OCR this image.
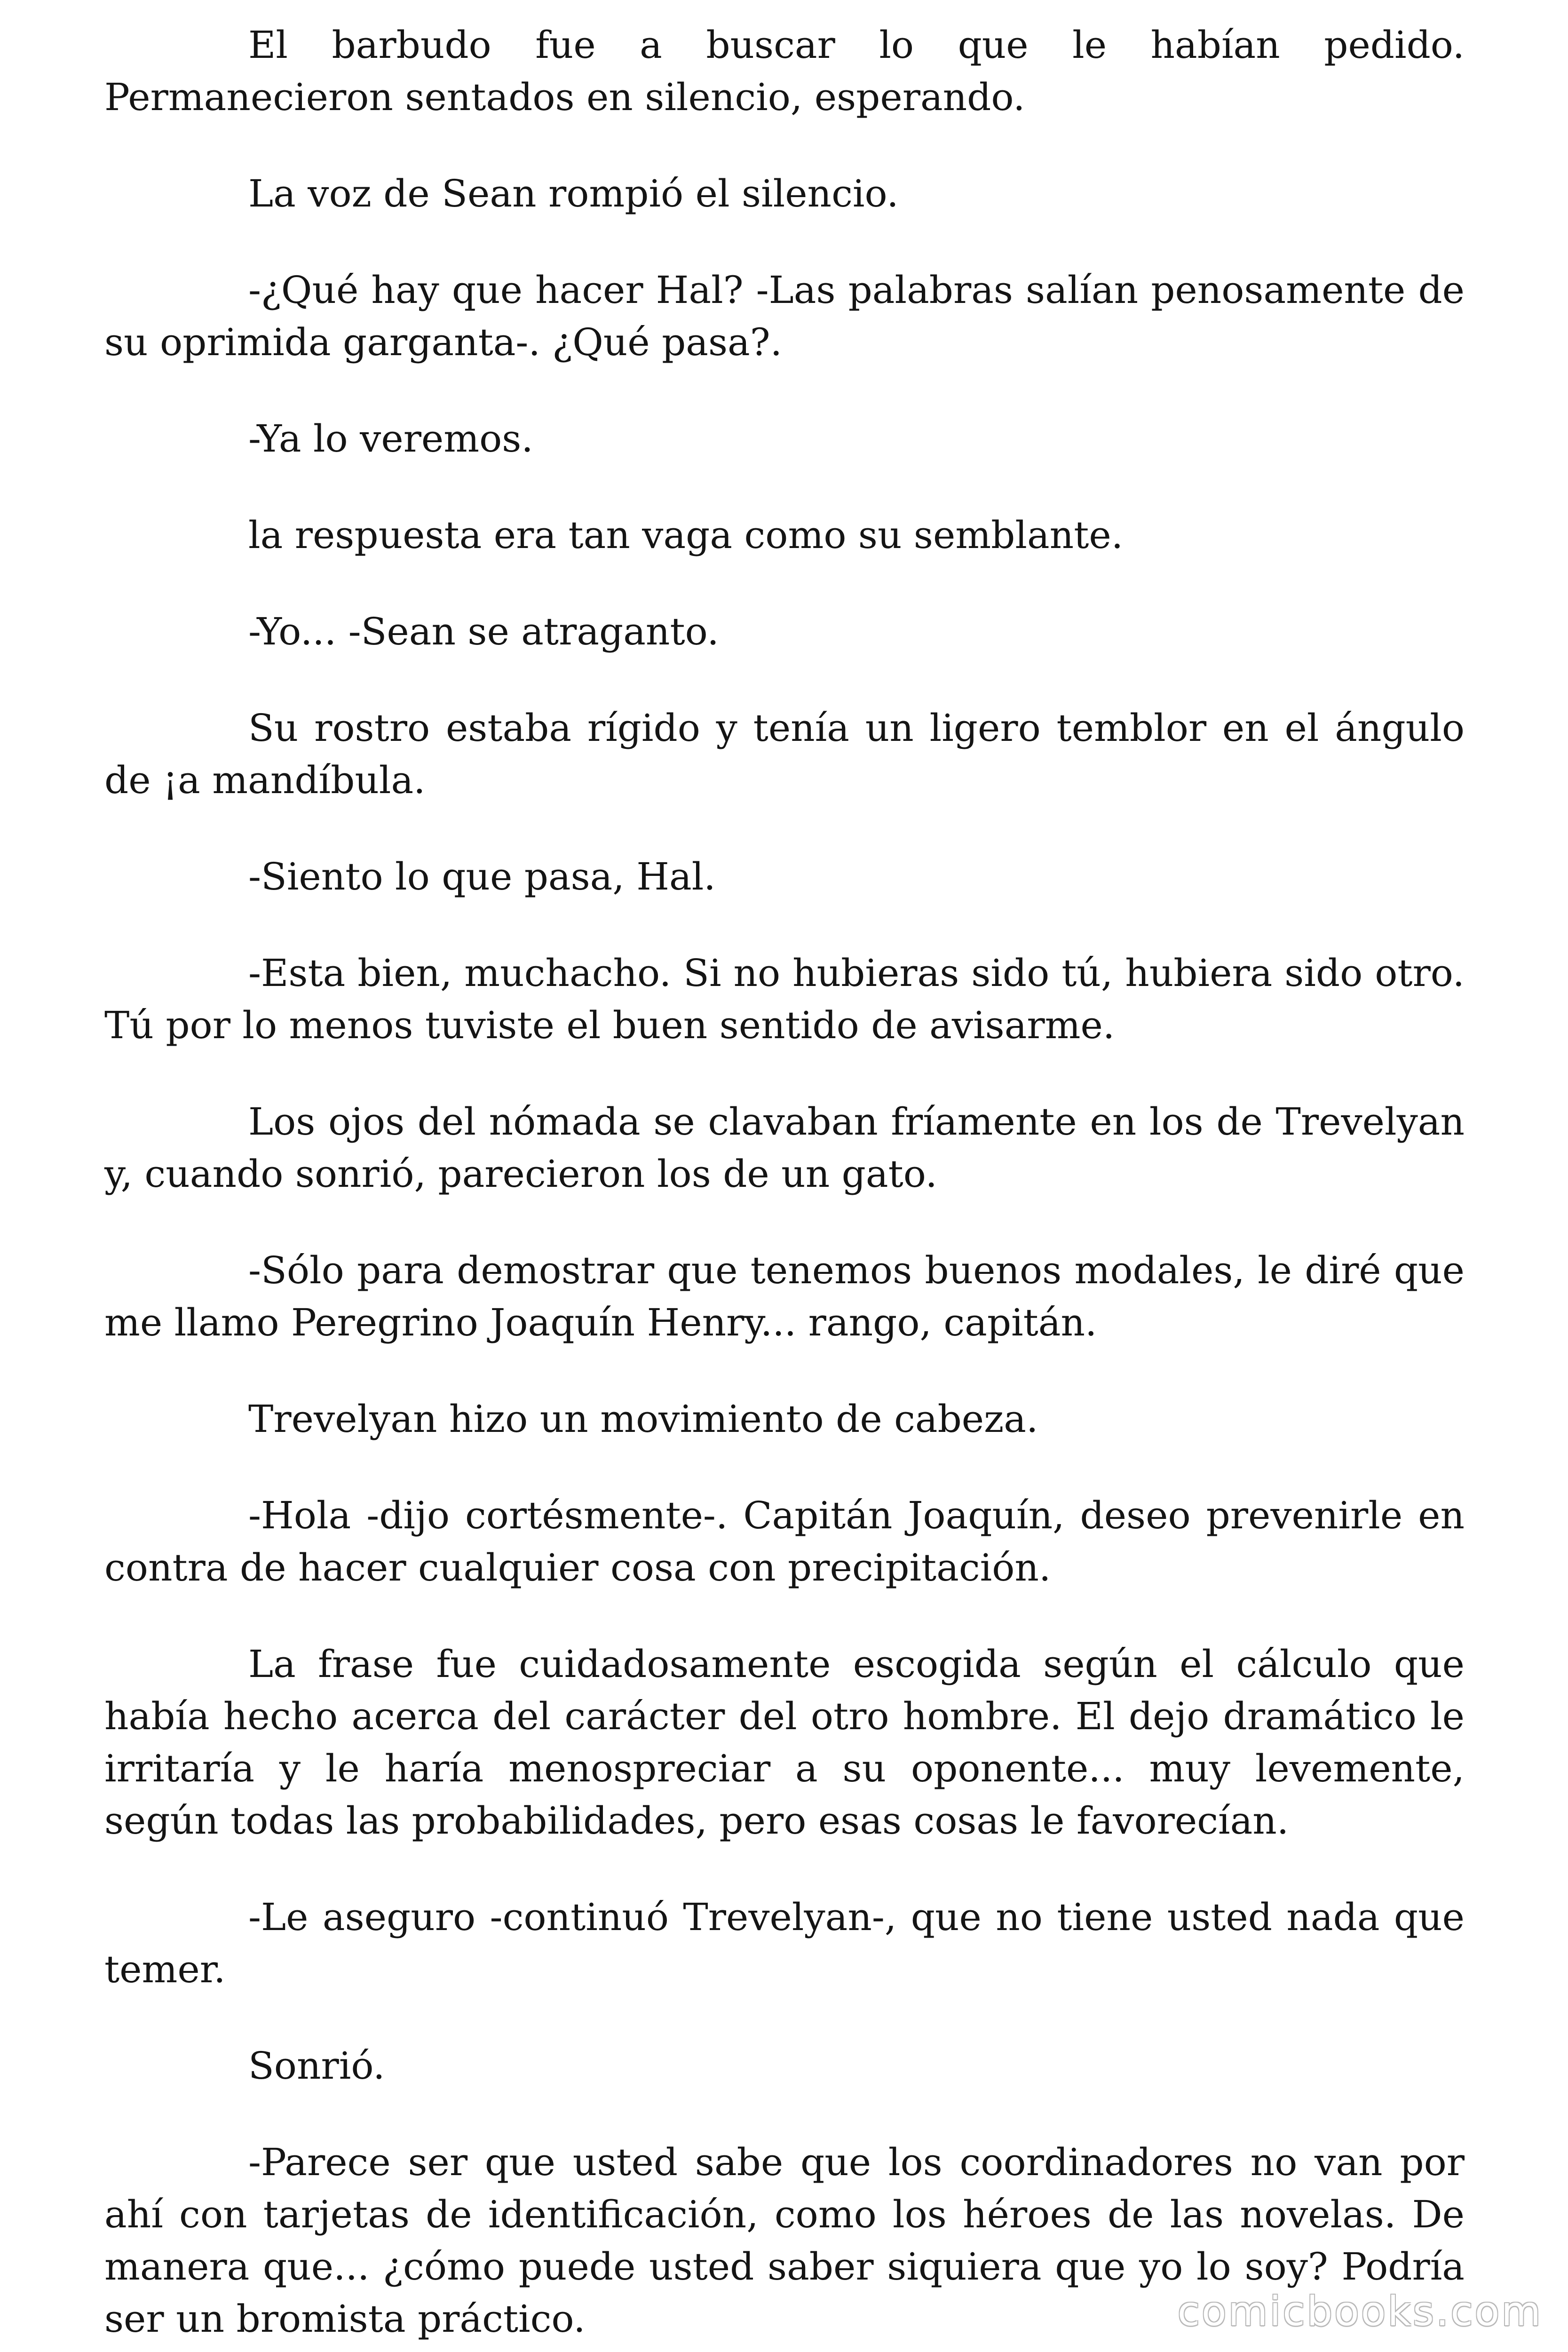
El barbudo fue a buscar lo que le habían pedido. Permanecieron sentados en silencio, esperando.

La voz de Sean rompió el silencio.

-¿Qué hay que hacer Hal? -Las palabras salían penosamente de su oprimida garganta-. ¿Qué pasa?.

-Ya lo veremos.

la respuesta era tan vaga como su semblante.

-Yo... -Sean se atraganto.

Su rostro estaba rígido y tenía un ligero temblor en el ángulo de ¡a mandíbula.

-Siento lo que pasa, Hal.

-Esta bien, muchacho. Si no hubieras sido tú, hubiera sido otro. Tú por lo menos tuviste el buen sentido de avisarme.

Los ojos del nómada se clavaban fríamente en los de Trevelyan y, cuando sonrió, parecieron los de un gato.

-Sólo para demostrar que tenemos buenos modales, le diré que me llamo Peregrino Joaquín Henry... rango, capitán.

Trevelyan hizo un movimiento de cabeza.

-Hola -dijo cortésmente-. Capitán Joaquín, deseo prevenirle en contra de hacer cualquier cosa con precipitación.

La frase fue cuidadosamente escogida según el cálculo que había hecho acerca del carácter del otro hombre. El dejo dramático le irritaría y le haría menospreciar a su oponente... muy levemente, según todas las probabilidades, pero esas cosas le favorecían.

-Le aseguro -continuó Trevelyan-, que no tiene usted nada que temer.

Sonrió.

-Parece ser que usted sabe que los coordinadores no van por ahí con tarjetas de identificación, como los héroes de las novelas. De manera que... ¿cómo puede usted saber siquiera que yo lo soy? Podría ser un bromista práctico.	comicbooks.com
